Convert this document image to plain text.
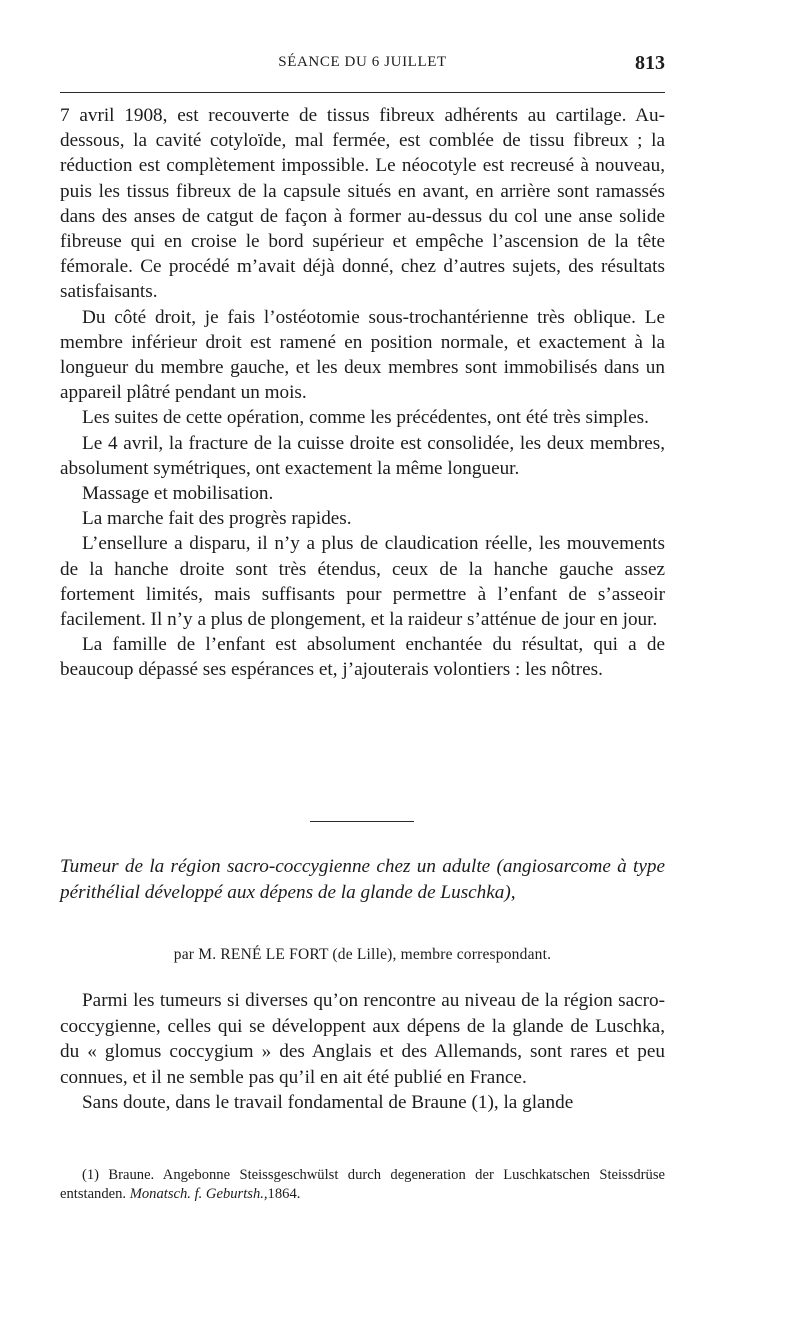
SÉANCE DU 6 JUILLET	813

7 avril 1908, est recouverte de tissus fibreux adhérents au cartilage. Au-dessous, la cavité cotyloïde, mal fermée, est comblée de tissu fibreux ; la réduction est complètement impossible. Le néocotyle est recreusé à nouveau, puis les tissus fibreux de la capsule situés en avant, en arrière sont ramassés dans des anses de catgut de façon à former au-dessus du col une anse solide fibreuse qui en croise le bord supérieur et empêche l’ascension de la tête fémorale. Ce procédé m’avait déjà donné, chez d’autres sujets, des résultats satisfaisants.

Du côté droit, je fais l’ostéotomie sous-trochantérienne très oblique. Le membre inférieur droit est ramené en position normale, et exactement à la longueur du membre gauche, et les deux membres sont immobilisés dans un appareil plâtré pendant un mois.

Les suites de cette opération, comme les précédentes, ont été très simples.

Le 4 avril, la fracture de la cuisse droite est consolidée, les deux membres, absolument symétriques, ont exactement la même longueur.

Massage et mobilisation.

La marche fait des progrès rapides.

L’ensellure a disparu, il n’y a plus de claudication réelle, les mouvements de la hanche droite sont très étendus, ceux de la hanche gauche assez fortement limités, mais suffisants pour permettre à l’enfant de s’asseoir facilement. Il n’y a plus de plongement, et la raideur s’atténue de jour en jour.

La famille de l’enfant est absolument enchantée du résultat, qui a de beaucoup dépassé ses espérances et, j’ajouterais volontiers : les nôtres.

Tumeur de la région sacro-coccygienne chez un adulte (angiosarcome à type périthélial développé aux dépens de la glande de Luschka),
par M. RENÉ LE FORT (de Lille), membre correspondant.

Parmi les tumeurs si diverses qu’on rencontre au niveau de la région sacro-coccygienne, celles qui se développent aux dépens de la glande de Luschka, du « glomus coccygium » des Anglais et des Allemands, sont rares et peu connues, et il ne semble pas qu’il en ait été publié en France.

Sans doute, dans le travail fondamental de Braune (1), la glande

(1) Braune. Angebonne Steissgeschwülst durch degeneration der Luschkatschen Steissdrüse entstanden. Monatsch. f. Geburtsh.,1864.
